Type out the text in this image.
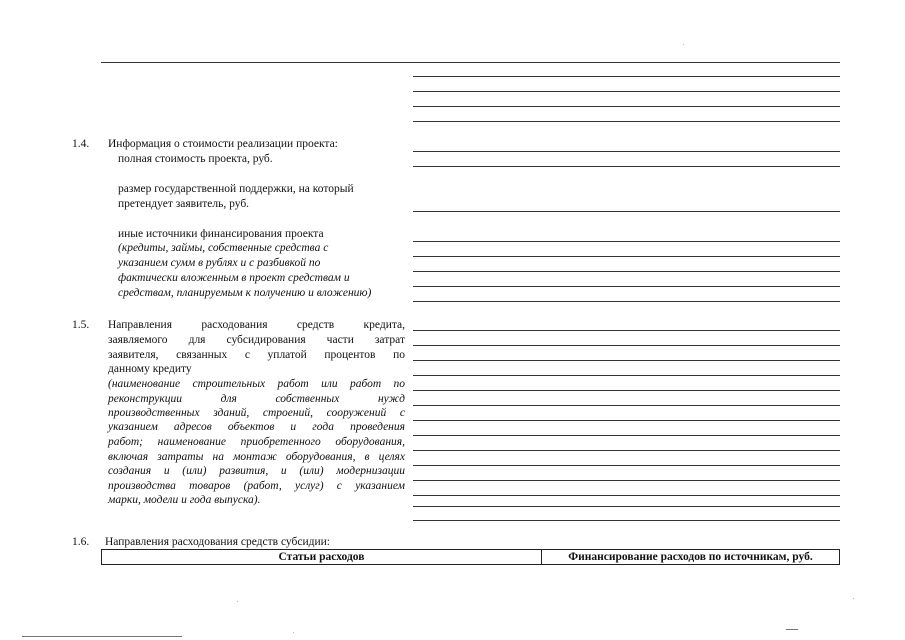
1.4. Информация о стоимости реализации проекта:
полная стоимость проекта, руб.
размер государственной поддержки, на который
претендует заявитель, руб.
иные источники финансирования проекта
(кредиты, займы, собственные средства с
указанием сумм в рублях и с разбивкой по
фактически вложенным в проект средствам и
средствам, планируемым к получению и вложению)
1.5. Направления расходования средств кредита,
заявляемого для субсидирования части затрат
заявителя, связанных с уплатой процентов по
данному кредиту
(наименование строительных работ или работ по
реконструкции для собственных нужд
производственных зданий, строений, сооружений с
указанием адресов объектов и года проведения
работ; наименование приобретенного оборудования,
включая затраты на монтаж оборудования, в целях
создания и (или) развития, и (или) модернизации
производства товаров (работ, услуг) с указанием
марки, модели и года выпуска).
1.6. Направления расходования средств субсидии:
Статьи расходов	Финансирование расходов по источникам, руб.
